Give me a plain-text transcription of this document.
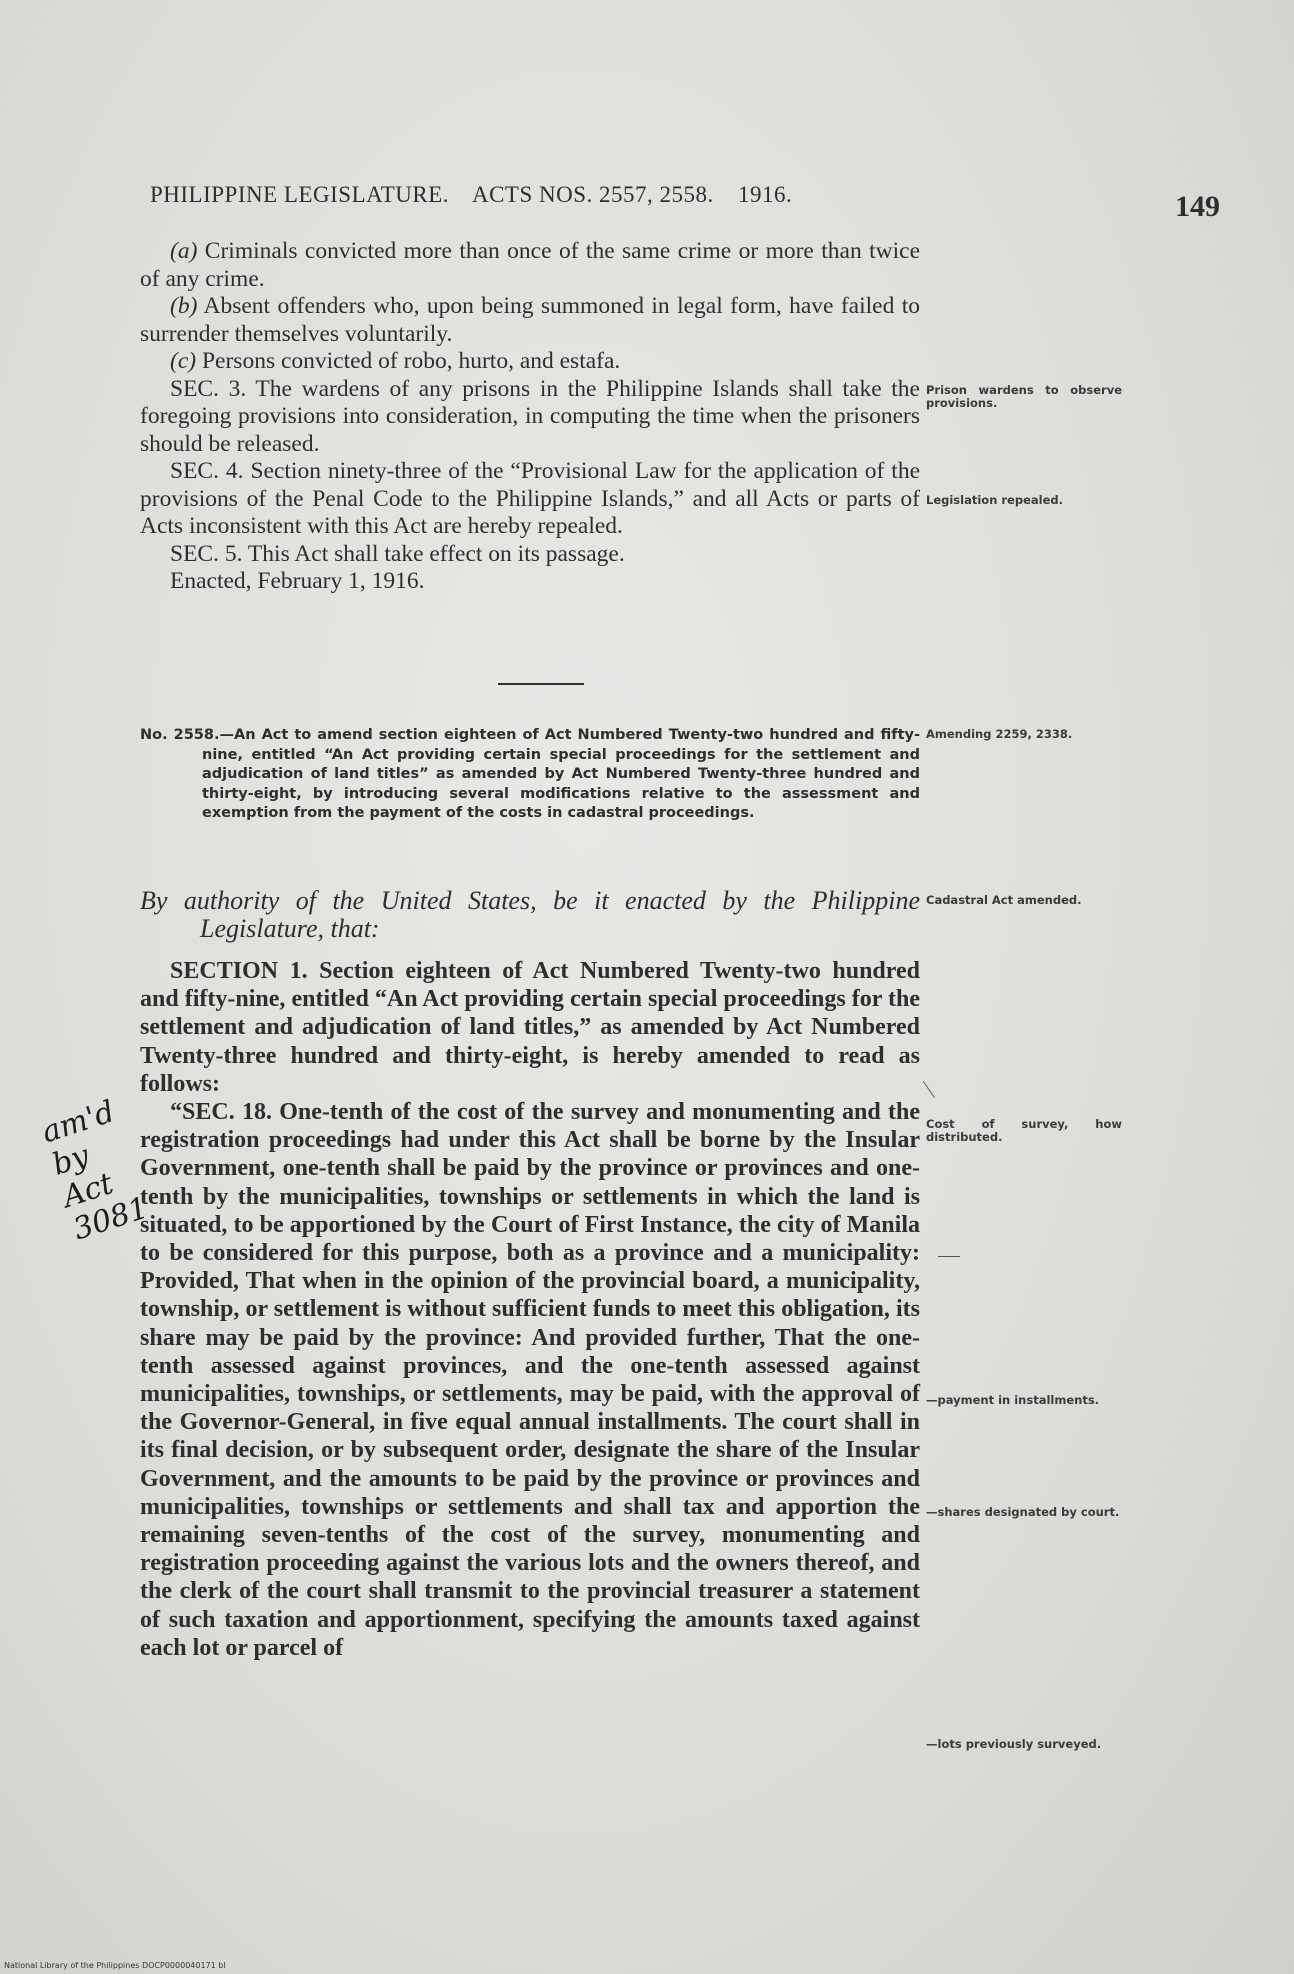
PHILIPPINE LEGISLATURE. ACTS NOS. 2557, 2558. 1916.	149

(a) Criminals convicted more than once of the same crime or more than twice of any crime.

(b) Absent offenders who, upon being summoned in legal form, have failed to surrender themselves voluntarily.

(c) Persons convicted of robo, hurto, and estafa.

SEC. 3. The wardens of any prisons in the Philippine Islands shall take the foregoing provisions into consideration, in computing the time when the prisoners should be released.

SEC. 4. Section ninety-three of the “Provisional Law for the application of the provisions of the Penal Code to the Philippine Islands,” and all Acts or parts of Acts inconsistent with this Act are hereby repealed.

SEC. 5. This Act shall take effect on its passage.

Enacted, February 1, 1916.

No. 2558.—An Act to amend section eighteen of Act Numbered Twenty-two hundred and fifty-nine, entitled “An Act providing certain special proceedings for the settlement and adjudication of land titles” as amended by Act Numbered Twenty-three hundred and thirty-eight, by introducing several modifications relative to the assessment and exemption from the payment of the costs in cadastral proceedings.
By authority of the United States, be it enacted by the Philippine Legislature, that:

SECTION 1. Section eighteen of Act Numbered Twenty-two hundred and fifty-nine, entitled “An Act providing certain special proceedings for the settlement and adjudication of land titles,” as amended by Act Numbered Twenty-three hundred and thirty-eight, is hereby amended to read as follows:

“SEC. 18. One-tenth of the cost of the survey and monumenting and the registration proceedings had under this Act shall be borne by the Insular Government, one-tenth shall be paid by the province or provinces and one-tenth by the municipalities, townships or settlements in which the land is situated, to be apportioned by the Court of First Instance, the city of Manila to be considered for this purpose, both as a province and a municipality: Provided, That when in the opinion of the provincial board, a municipality, township, or settlement is without sufficient funds to meet this obligation, its share may be paid by the province: And provided further, That the one-tenth assessed against provinces, and the one-tenth assessed against municipalities, townships, or settlements, may be paid, with the approval of the Governor-General, in five equal annual installments. The court shall in its final decision, or by subsequent order, designate the share of the Insular Government, and the amounts to be paid by the province or provinces and municipalities, townships or settlements and shall tax and apportion the remaining seven-tenths of the cost of the survey, monumenting and registration proceeding against the various lots and the owners thereof, and the clerk of the court shall transmit to the provincial treasurer a statement of such taxation and apportionment, specifying the amounts taxed against each lot or parcel of

Prison wardens to observe provisions.
Legislation repealed.
Amending 2259, 2338.
Cadastral Act amended.
Cost of survey, how distributed.
—payment in installments.
—shares designated by court.
—lots previously surveyed.
am'd by
Act 3081
National Library of the Philippines DOCP0000040171 bl
